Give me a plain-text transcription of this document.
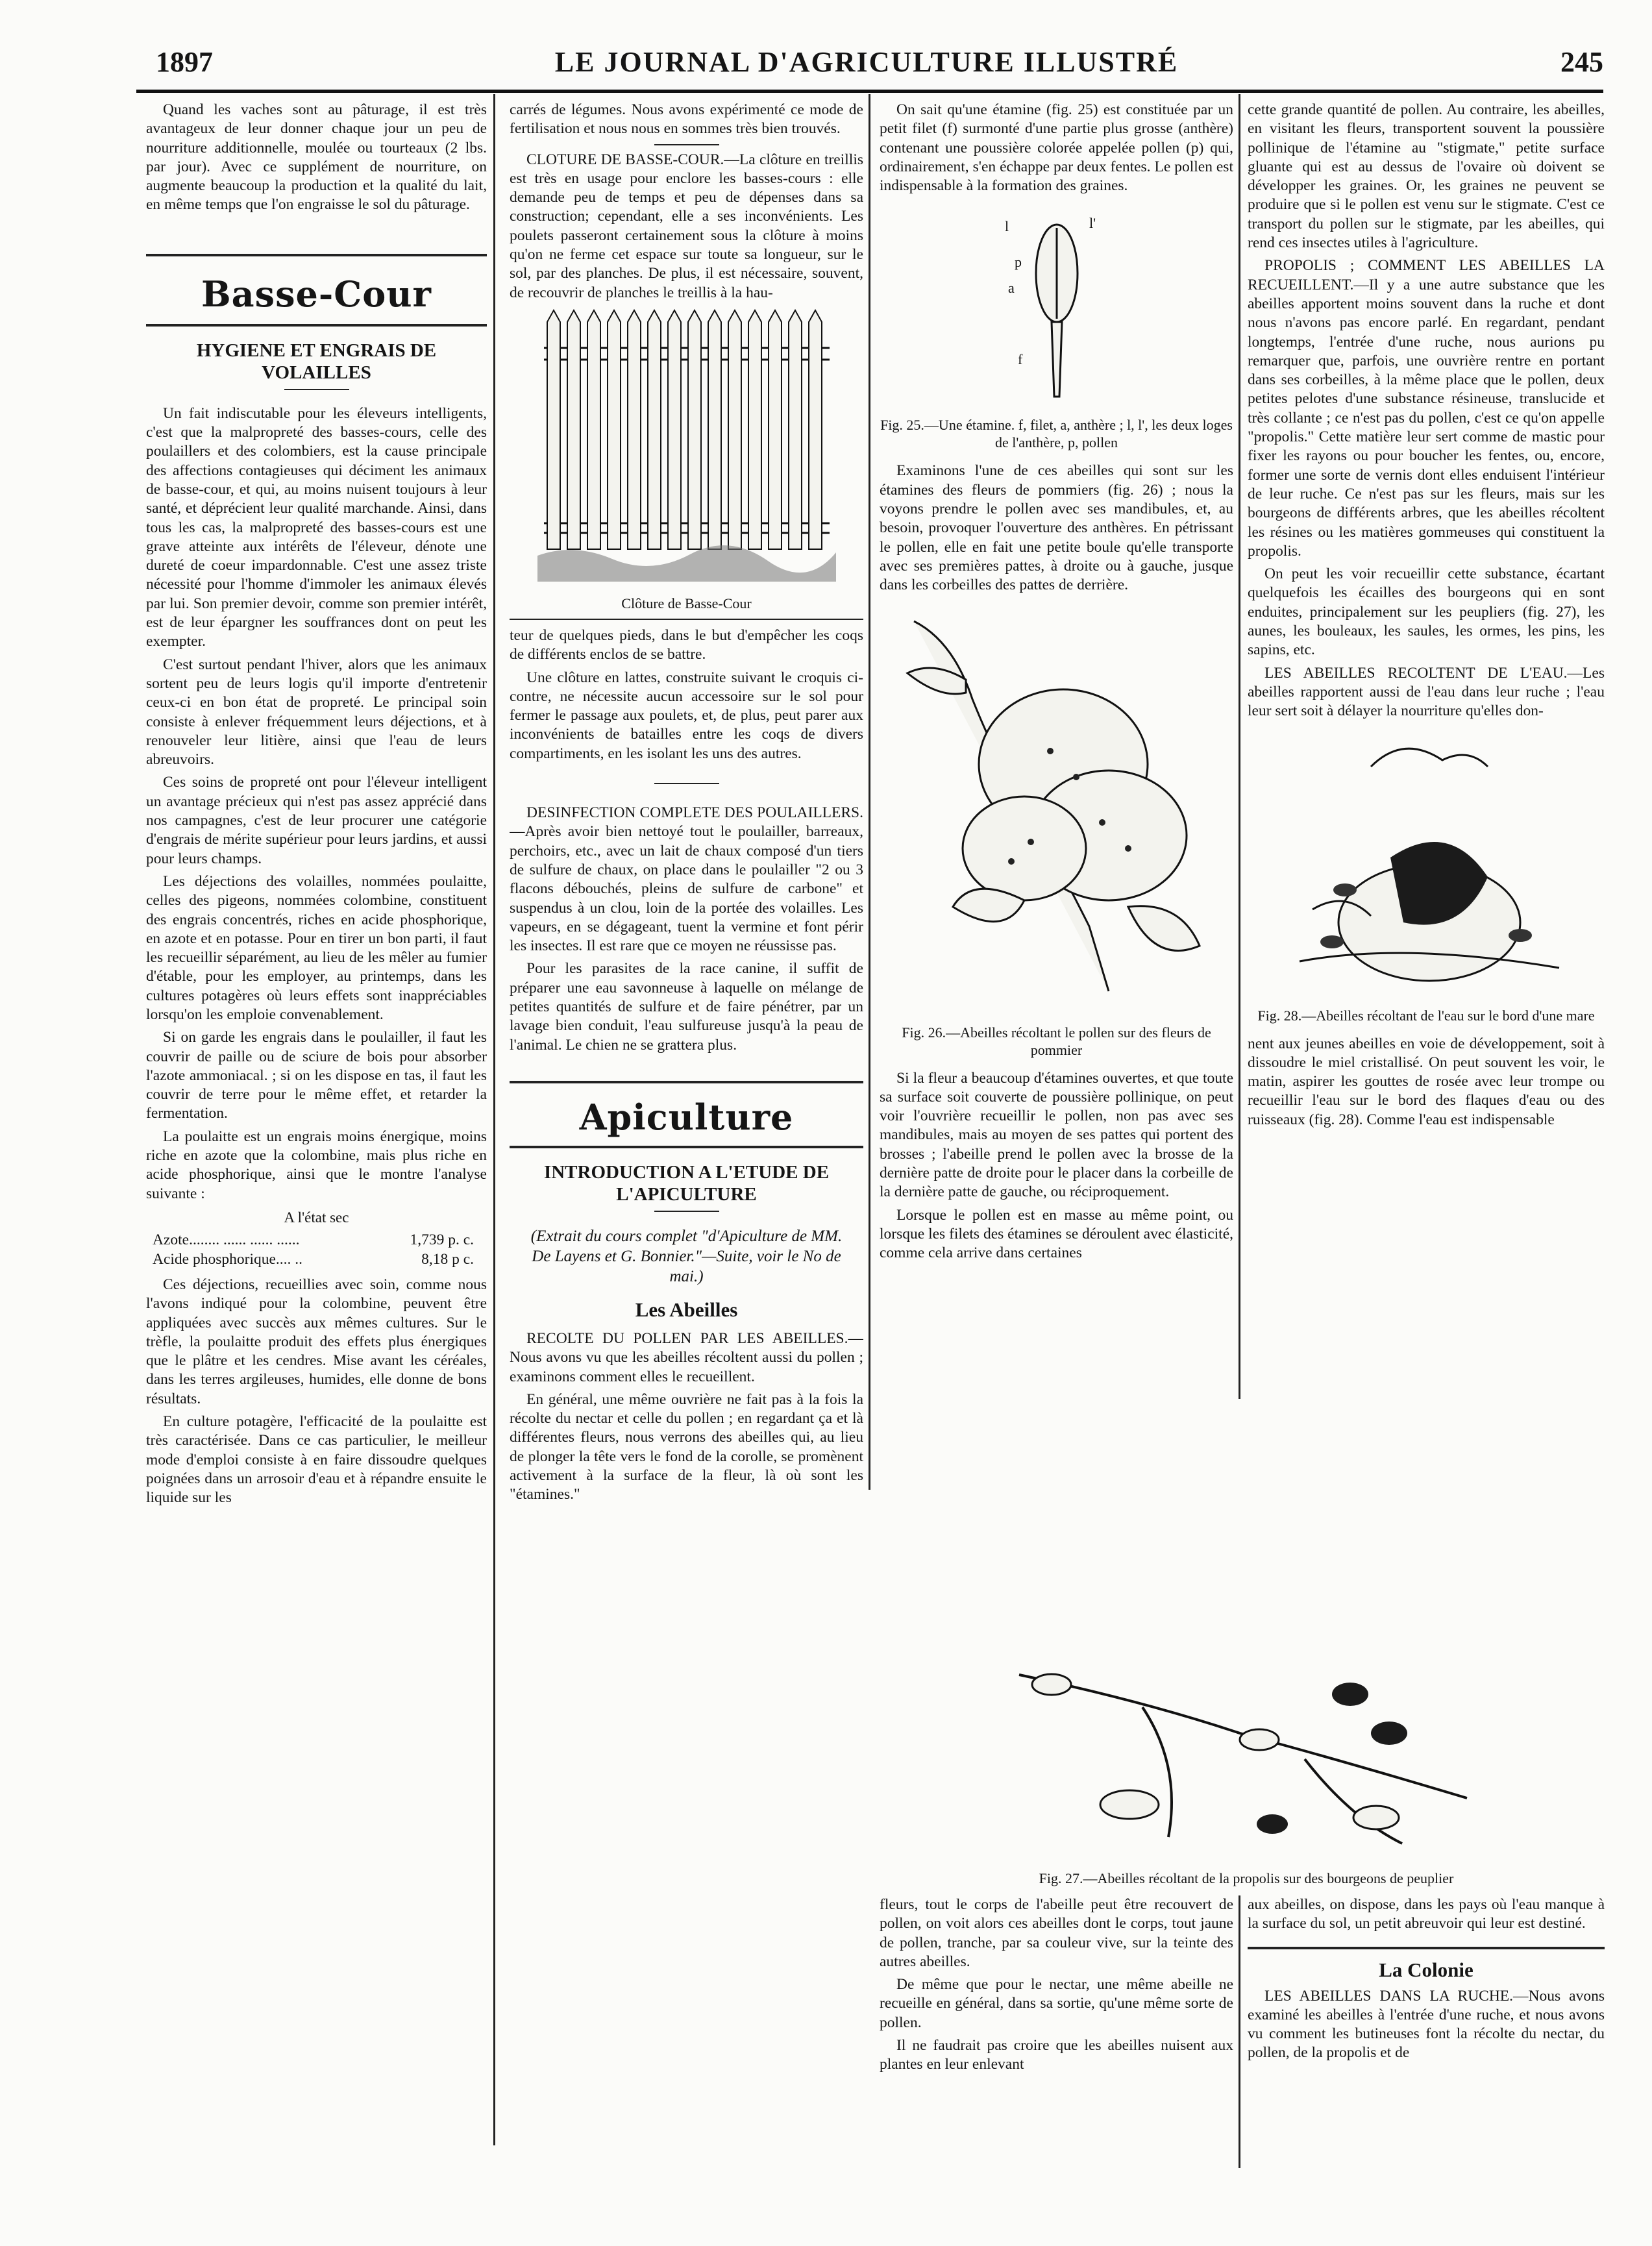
1897	LE JOURNAL D'AGRICULTURE ILLUSTRÉ	245

Quand les vaches sont au pâturage, il est très avantageux de leur donner chaque jour un peu de nourriture additionnelle, moulée ou tourteaux (2 lbs. par jour). Avec ce supplément de nourriture, on augmente beaucoup la production et la qualité du lait, en même temps que l'on engraisse le sol du pâturage.

Basse-Cour
HYGIENE ET ENGRAIS DE VOLAILLES

Un fait indiscutable pour les éleveurs intelligents, c'est que la malpropreté des basses-cours, celle des poulaillers et des colombiers, est la cause principale des affections contagieuses qui déciment les animaux de basse-cour, et qui, au moins nuisent toujours à leur santé, et déprécient leur qualité marchande. Ainsi, dans tous les cas, la malpropreté des basses-cours est une grave atteinte aux intérêts de l'éleveur, dénote une dureté de coeur impardonnable. C'est une assez triste nécessité pour l'homme d'immoler les animaux élevés par lui. Son premier devoir, comme son premier intérêt, est de leur épargner les souffrances dont on peut les exempter.

C'est surtout pendant l'hiver, alors que les animaux sortent peu de leurs logis qu'il importe d'entretenir ceux-ci en bon état de propreté. Le principal soin consiste à enlever fréquemment leurs déjections, et à renouveler leur litière, ainsi que l'eau de leurs abreuvoirs.

Ces soins de propreté ont pour l'éleveur intelligent un avantage précieux qui n'est pas assez apprécié dans nos campagnes, c'est de leur procurer une catégorie d'engrais de mérite supérieur pour leurs jardins, et aussi pour leurs champs.

Les déjections des volailles, nommées poulaitte, celles des pigeons, nommées colombine, constituent des engrais concentrés, riches en acide phosphorique, en azote et en potasse. Pour en tirer un bon parti, il faut les recueillir séparément, au lieu de les mêler au fumier d'étable, pour les employer, au printemps, dans les cultures potagères où leurs effets sont inappréciables lorsqu'on les emploie convenablement.

Si on garde les engrais dans le poulailler, il faut les couvrir de paille ou de sciure de bois pour absorber l'azote ammoniacal. ; si on les dispose en tas, il faut les couvrir de terre pour le même effet, et retarder la fermentation.

La poulaitte est un engrais moins énergique, moins riche en azote que la colombine, mais plus riche en acide phosphorique, ainsi que le montre l'analyse suivante :

A l'état sec
Azote........ ...... ...... ......	1,739 p. c.
Acide phosphorique.... ..	8,18 p c.

Ces déjections, recueillies avec soin, comme nous l'avons indiqué pour la colombine, peuvent être appliquées avec succès aux mêmes cultures. Sur le trèfle, la poulaitte produit des effets plus énergiques que le plâtre et les cendres. Mise avant les céréales, dans les terres argileuses, humides, elle donne de bons résultats.

En culture potagère, l'efficacité de la poulaitte est très caractérisée. Dans ce cas particulier, le meilleur mode d'emploi consiste à en faire dissoudre quelques poignées dans un arrosoir d'eau et à répandre ensuite le liquide sur les

carrés de légumes. Nous avons expérimenté ce mode de fertilisation et nous nous en sommes très bien trouvés.

CLOTURE DE BASSE-COUR.—La clôture en treillis est très en usage pour enclore les basses-cours : elle demande peu de temps et peu de dépenses dans sa construction; cependant, elle a ses inconvénients. Les poulets passeront certainement sous la clôture à moins qu'on ne ferme cet espace sur toute sa longueur, sur le sol, par des planches. De plus, il est nécessaire, souvent, de recouvrir de planches le treillis à la hau-

Clôture de Basse-Cour

teur de quelques pieds, dans le but d'empêcher les coqs de différents enclos de se battre.

Une clôture en lattes, construite suivant le croquis ci-contre, ne nécessite aucun accessoire sur le sol pour fermer le passage aux poulets, et, de plus, peut parer aux inconvénients de batailles entre les coqs de divers compartiments, en les isolant les uns des autres.

DESINFECTION COMPLETE DES POULAILLERS.—Après avoir bien nettoyé tout le poulailler, barreaux, perchoirs, etc., avec un lait de chaux composé d'un tiers de sulfure de chaux, on place dans le poulailler "2 ou 3 flacons débouchés, pleins de sulfure de carbone" et suspendus à un clou, loin de la portée des volailles. Les vapeurs, en se dégageant, tuent la vermine et font périr les insectes. Il est rare que ce moyen ne réussisse pas.

Pour les parasites de la race canine, il suffit de préparer une eau savonneuse à laquelle on mélange de petites quantités de sulfure et de faire pénétrer, par un lavage bien conduit, l'eau sulfureuse jusqu'à la peau de l'animal. Le chien ne se grattera plus.

Apiculture
INTRODUCTION A L'ETUDE DE L'APICULTURE
(Extrait du cours complet "d'Apiculture de MM. De Layens et G. Bonnier."—Suite, voir le No de mai.)
Les Abeilles

RECOLTE DU POLLEN PAR LES ABEILLES.—Nous avons vu que les abeilles récoltent aussi du pollen ; examinons comment elles le recueillent.

En général, une même ouvrière ne fait pas à la fois la récolte du nectar et celle du pollen ; en regardant ça et là différentes fleurs, nous verrons des abeilles qui, au lieu de plonger la tête vers le fond de la corolle, se promènent activement à la surface de la fleur, là où sont les "étamines."

On sait qu'une étamine (fig. 25) est constituée par un petit filet (f) surmonté d'une partie plus grosse (anthère) contenant une poussière colorée appelée pollen (p) qui, ordinairement, s'en échappe par deux fentes. Le pollen est indispensable à la formation des graines.

l	l'
p
a
f
Fig. 25.—Une étamine. f, filet, a, anthère ; l, l', les deux loges de l'anthère, p, pollen

Examinons l'une de ces abeilles qui sont sur les étamines des fleurs de pommiers (fig. 26) ; nous la voyons prendre le pollen avec ses mandibules, et, au besoin, provoquer l'ouverture des anthères. En pétrissant le pollen, elle en fait une petite boule qu'elle transporte avec ses premières pattes, à droite ou à gauche, jusque dans les corbeilles des pattes de derrière.

Fig. 26.—Abeilles récoltant le pollen sur des fleurs de pommier

Si la fleur a beaucoup d'étamines ouvertes, et que toute sa surface soit couverte de poussière pollinique, on peut voir l'ouvrière recueillir le pollen, non pas avec ses mandibules, mais au moyen de ses pattes qui portent des brosses ; l'abeille prend le pollen avec la brosse de la dernière patte de droite pour le placer dans la corbeille de la dernière patte de gauche, ou réciproquement.

Lorsque le pollen est en masse au même point, ou lorsque les filets des étamines se déroulent avec élasticité, comme cela arrive dans certaines

cette grande quantité de pollen. Au contraire, les abeilles, en visitant les fleurs, transportent souvent la poussière pollinique de l'étamine au "stigmate," petite surface gluante qui est au dessus de l'ovaire où doivent se développer les graines. Or, les graines ne peuvent se produire que si le pollen est venu sur le stigmate. C'est ce transport du pollen sur le stigmate, par les abeilles, qui rend ces insectes utiles à l'agriculture.

PROPOLIS ; COMMENT LES ABEILLES LA RECUEILLENT.—Il y a une autre substance que les abeilles apportent moins souvent dans la ruche et dont nous n'avons pas encore parlé. En regardant, pendant longtemps, l'entrée d'une ruche, nous aurions pu remarquer que, parfois, une ouvrière rentre en portant dans ses corbeilles, à la même place que le pollen, deux petites pelotes d'une substance résineuse, translucide et très collante ; ce n'est pas du pollen, c'est ce qu'on appelle "propolis." Cette matière leur sert comme de mastic pour fixer les rayons ou pour boucher les fentes, ou, encore, former une sorte de vernis dont elles enduisent l'intérieur de leur ruche. Ce n'est pas sur les fleurs, mais sur les bourgeons de différents arbres, que les abeilles récoltent les résines ou les matières gommeuses qui constituent la propolis.

On peut les voir recueillir cette substance, écartant quelquefois les écailles des bourgeons qui en sont enduites, principalement sur les peupliers (fig. 27), les aunes, les bouleaux, les saules, les ormes, les pins, les sapins, etc.

LES ABEILLES RECOLTENT DE L'EAU.—Les abeilles rapportent aussi de l'eau dans leur ruche ; l'eau leur sert soit à délayer la nourriture qu'elles don-

Fig. 28.—Abeilles récoltant de l'eau sur le bord d'une mare

nent aux jeunes abeilles en voie de développement, soit à dissoudre le miel cristallisé. On peut souvent les voir, le matin, aspirer les gouttes de rosée avec leur trompe ou recueillir l'eau sur le bord des flaques d'eau ou des ruisseaux (fig. 28). Comme l'eau est indispensable

Fig. 27.—Abeilles récoltant de la propolis sur des bourgeons de peuplier

fleurs, tout le corps de l'abeille peut être recouvert de pollen, on voit alors ces abeilles dont le corps, tout jaune de pollen, tranche, par sa couleur vive, sur la teinte des autres abeilles.

De même que pour le nectar, une même abeille ne recueille en général, dans sa sortie, qu'une même sorte de pollen.

Il ne faudrait pas croire que les abeilles nuisent aux plantes en leur enlevant

aux abeilles, on dispose, dans les pays où l'eau manque à la surface du sol, un petit abreuvoir qui leur est destiné.

La Colonie

LES ABEILLES DANS LA RUCHE.—Nous avons examiné les abeilles à l'entrée d'une ruche, et nous avons vu comment les butineuses font la récolte du nectar, du pollen, de la propolis et de
